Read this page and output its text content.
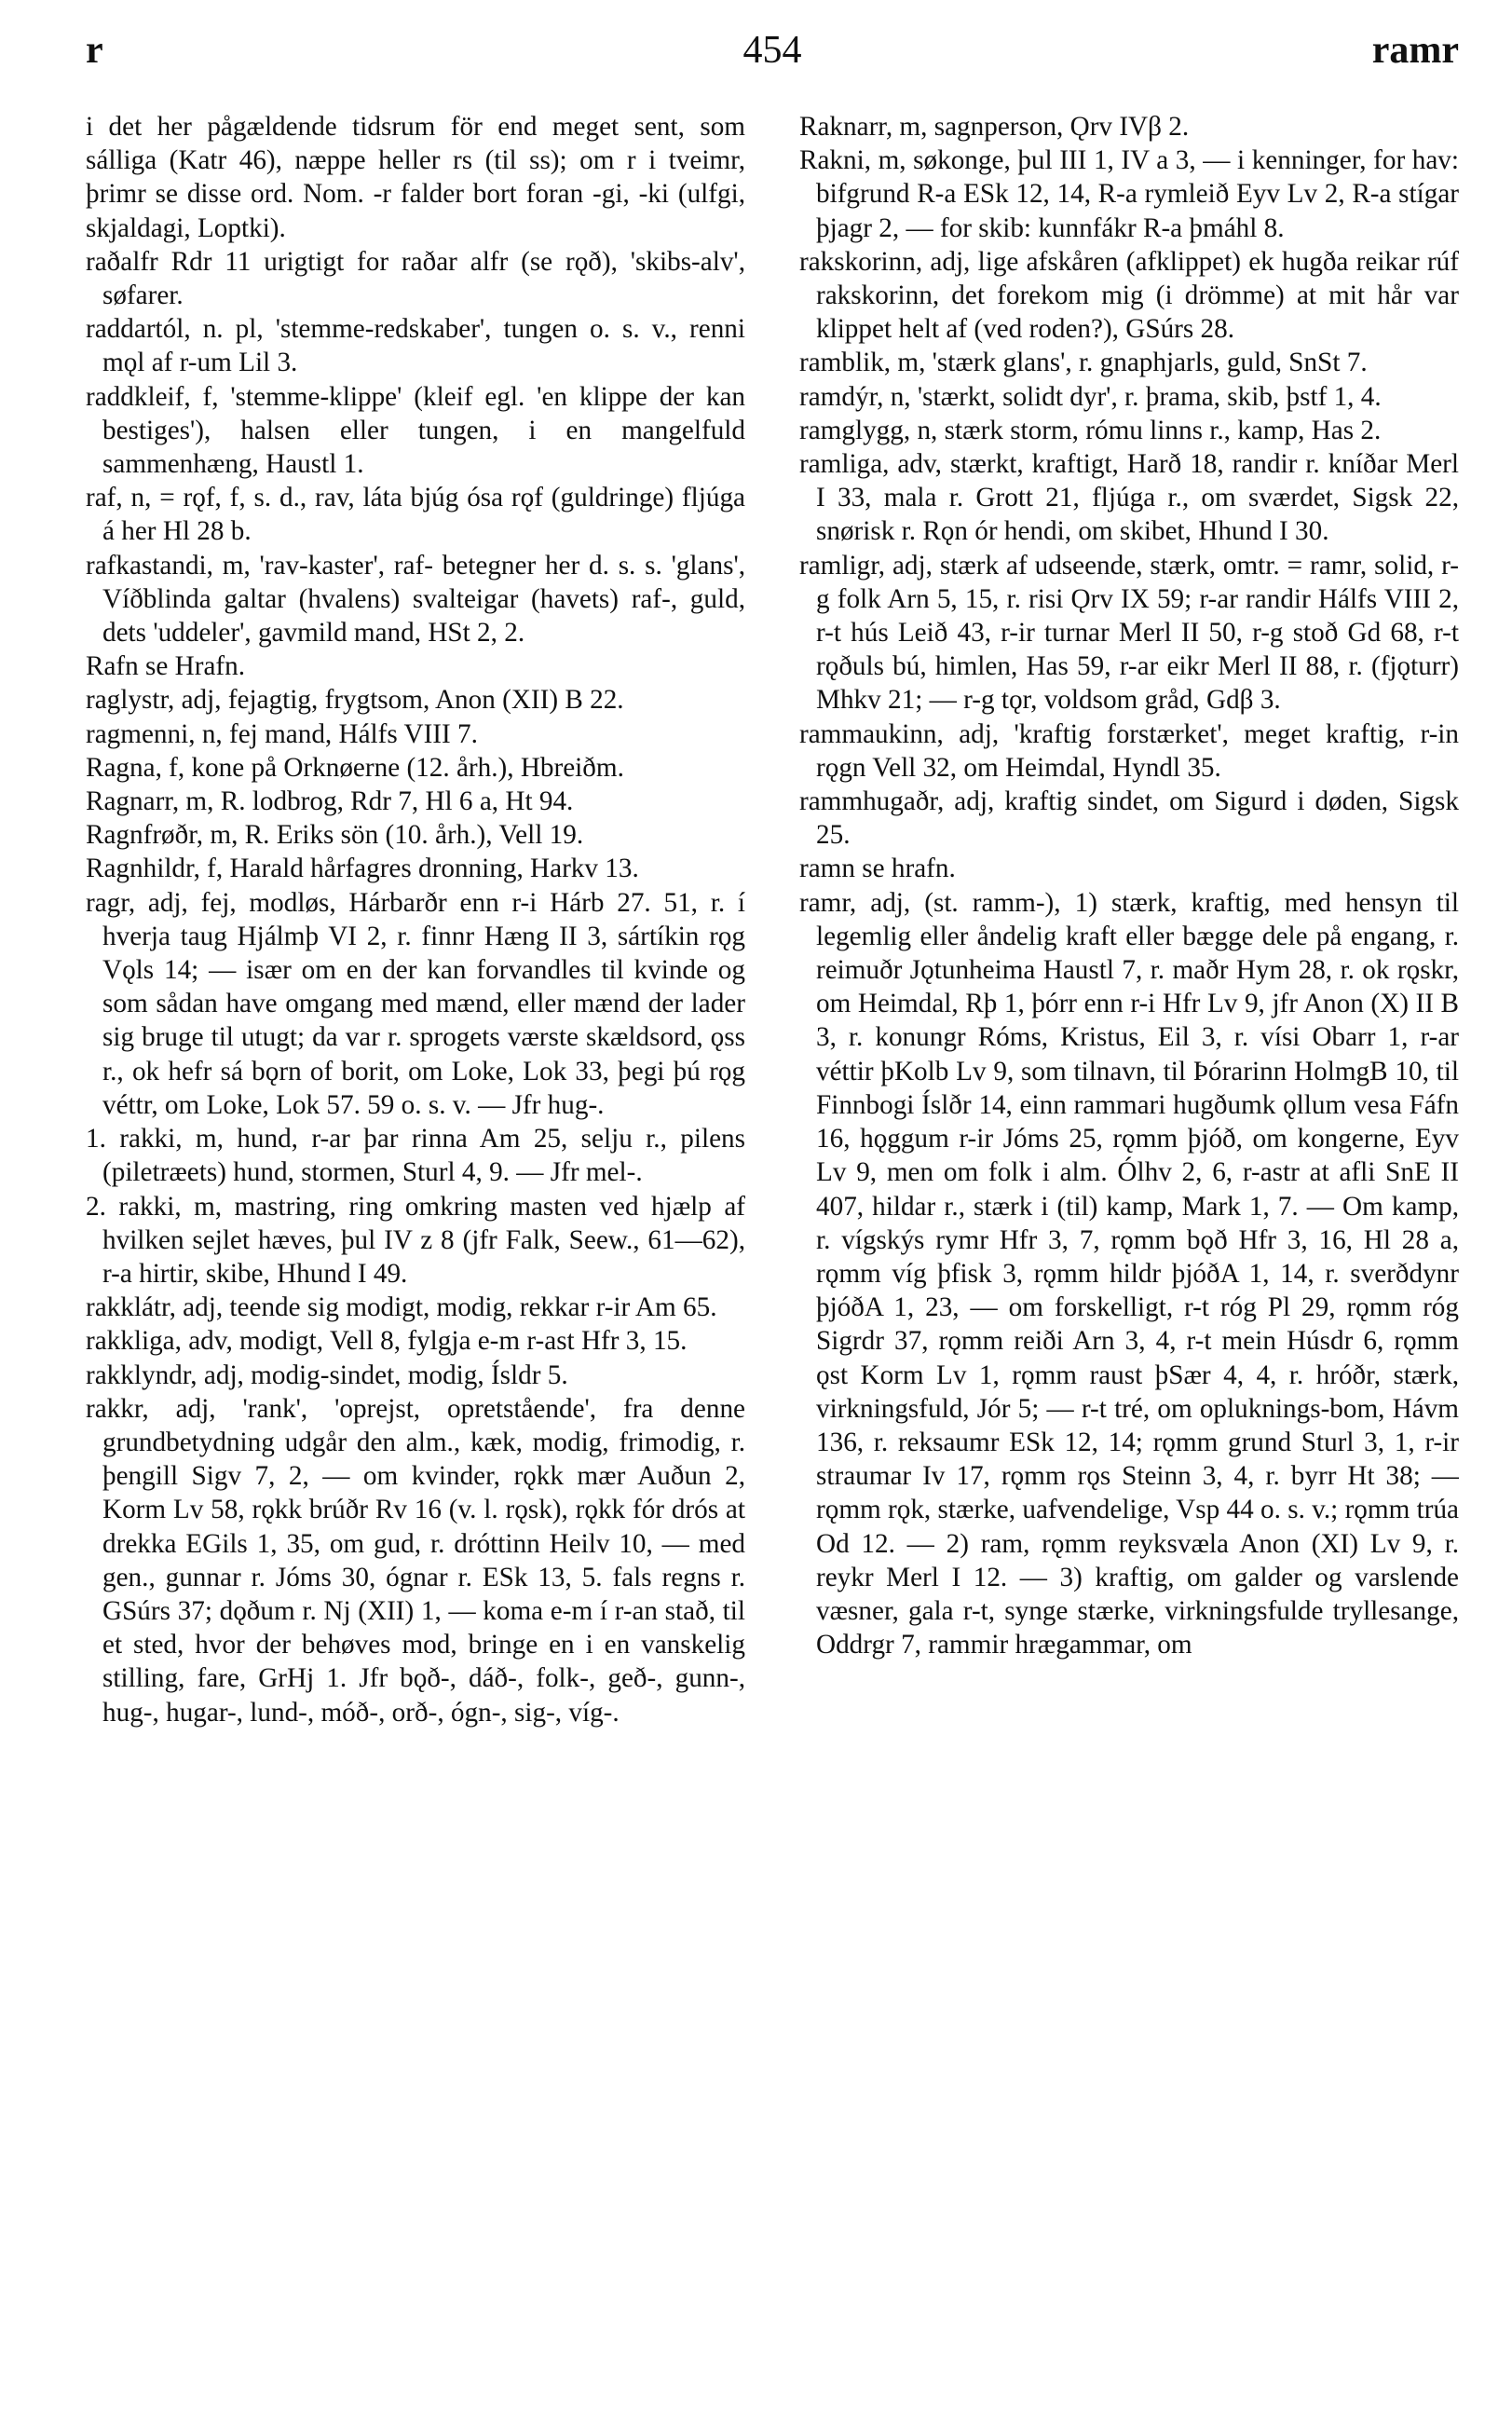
r	454	ramr

i det her pågældende tidsrum för end meget sent, som sálliga (Katr 46), næppe heller rs (til ss); om r i tveimr, þrimr se disse ord. Nom. -r falder bort foran -gi, -ki (ulfgi, skjaldagi, Loptki).

raðalfr Rdr 11 urigtigt for raðar alfr (se rǫð), 'skibs-alv', søfarer.

raddartól, n. pl, 'stemme-redskaber', tungen o. s. v., renni mǫl af r-um Lil 3.

raddkleif, f, 'stemme-klippe' (kleif egl. 'en klippe der kan bestiges'), halsen eller tungen, i en mangelfuld sammenhæng, Haustl 1.

raf, n, = rǫf, f, s. d., rav, láta bjúg ósa rǫf (guldringe) fljúga á her Hl 28 b.

rafkastandi, m, 'rav-kaster', raf- betegner her d. s. s. 'glans', Víðblinda galtar (hvalens) svalteigar (havets) raf-, guld, dets 'uddeler', gavmild mand, HSt 2, 2.

Rafn se Hrafn.

raglystr, adj, fejagtig, frygtsom, Anon (XII) B 22.

ragmenni, n, fej mand, Hálfs VIII 7.

Ragna, f, kone på Orknøerne (12. årh.), Hbreiðm.

Ragnarr, m, R. lodbrog, Rdr 7, Hl 6 a, Ht 94.

Ragnfrøðr, m, R. Eriks sön (10. årh.), Vell 19.

Ragnhildr, f, Harald hårfagres dronning, Harkv 13.

ragr, adj, fej, modløs, Hárbarðr enn r-i Hárb 27. 51, r. í hverja taug Hjálmþ VI 2, r. finnr Hæng II 3, sártíkin rǫg Vǫls 14; — især om en der kan forvandles til kvinde og som sådan have omgang med mænd, eller mænd der lader sig bruge til utugt; da var r. sprogets værste skældsord, ǫss r., ok hefr sá bǫrn of borit, om Loke, Lok 33, þegi þú rǫg véttr, om Loke, Lok 57. 59 o. s. v. — Jfr hug-.

1. rakki, m, hund, r-ar þar rinna Am 25, selju r., pilens (piletræets) hund, stormen, Sturl 4, 9. — Jfr mel-.

2. rakki, m, mastring, ring omkring masten ved hjælp af hvilken sejlet hæves, þul IV z 8 (jfr Falk, Seew., 61—62), r-a hirtir, skibe, Hhund I 49.

rakklátr, adj, teende sig modigt, modig, rekkar r-ir Am 65.

rakkliga, adv, modigt, Vell 8, fylgja e-m r-ast Hfr 3, 15.

rakklyndr, adj, modig-sindet, modig, Ísldr 5.

rakkr, adj, 'rank', 'oprejst, opretstående', fra denne grundbetydning udgår den alm., kæk, modig, frimodig, r. þengill Sigv 7, 2, — om kvinder, rǫkk mær Auðun 2, Korm Lv 58, rǫkk brúðr Rv 16 (v. l. rǫsk), rǫkk fór drós at drekka EGils 1, 35, om gud, r. dróttinn Heilv 10, — med gen., gunnar r. Jóms 30, ógnar r. ESk 13, 5. fals regns r. GSúrs 37; dǫðum r. Nj (XII) 1, — koma e-m í r-an stað, til et sted, hvor der behøves mod, bringe en i en vanskelig stilling, fare, GrHj 1. Jfr bǫð-, dáð-, folk-, geð-, gunn-, hug-, hugar-, lund-, móð-, orð-, ógn-, sig-, víg-.

Raknarr, m, sagnperson, Ǫrv IVβ 2.

Rakni, m, søkonge, þul III 1, IV a 3, — i kenninger, for hav: bifgrund R-a ESk 12, 14, R-a rymleið Eyv Lv 2, R-a stígar þjagr 2, — for skib: kunnfákr R-a þmáhl 8.

rakskorinn, adj, lige afskåren (afklippet) ek hugða reikar rúf rakskorinn, det forekom mig (i drömme) at mit hår var klippet helt af (ved roden?), GSúrs 28.

ramblik, m, 'stærk glans', r. gnaphjarls, guld, SnSt 7.

ramdýr, n, 'stærkt, solidt dyr', r. þrama, skib, þstf 1, 4.

ramglygg, n, stærk storm, rómu linns r., kamp, Has 2.

ramliga, adv, stærkt, kraftigt, Harð 18, randir r. kníðar Merl I 33, mala r. Grott 21, fljúga r., om sværdet, Sigsk 22, snørisk r. Rǫn ór hendi, om skibet, Hhund I 30.

ramligr, adj, stærk af udseende, stærk, omtr. = ramr, solid, r-g folk Arn 5, 15, r. risi Ǫrv IX 59; r-ar randir Hálfs VIII 2, r-t hús Leið 43, r-ir turnar Merl II 50, r-g stoð Gd 68, r-t rǫðuls bú, himlen, Has 59, r-ar eikr Merl II 88, r. (fjǫturr) Mhkv 21; — r-g tǫr, voldsom gråd, Gdβ 3.

rammaukinn, adj, 'kraftig forstærket', meget kraftig, r-in rǫgn Vell 32, om Heimdal, Hyndl 35.

rammhugaðr, adj, kraftig sindet, om Sigurd i døden, Sigsk 25.

ramn se hrafn.

ramr, adj, (st. ramm-), 1) stærk, kraftig, med hensyn til legemlig eller åndelig kraft eller bægge dele på engang, r. reimuðr Jǫtunheima Haustl 7, r. maðr Hym 28, r. ok rǫskr, om Heimdal, Rþ 1, þórr enn r-i Hfr Lv 9, jfr Anon (X) II B 3, r. konungr Róms, Kristus, Eil 3, r. vísi Obarr 1, r-ar véttir þKolb Lv 9, som tilnavn, til Þórarinn HolmgB 10, til Finnbogi Íslðr 14, einn rammari hugðumk ǫllum vesa Fáfn 16, hǫggum r-ir Jóms 25, rǫmm þjóð, om kongerne, Eyv Lv 9, men om folk i alm. Ólhv 2, 6, r-astr at afli SnE II 407, hildar r., stærk i (til) kamp, Mark 1, 7. — Om kamp, r. vígskýs rymr Hfr 3, 7, rǫmm bǫð Hfr 3, 16, Hl 28 a, rǫmm víg þfisk 3, rǫmm hildr þjóðA 1, 14, r. sverðdynr þjóðA 1, 23, — om forskelligt, r-t róg Pl 29, rǫmm róg Sigrdr 37, rǫmm reiði Arn 3, 4, r-t mein Húsdr 6, rǫmm ǫst Korm Lv 1, rǫmm raust þSær 4, 4, r. hróðr, stærk, virkningsfuld, Jór 5; — r-t tré, om opluknings-bom, Hávm 136, r. reksaumr ESk 12, 14; rǫmm grund Sturl 3, 1, r-ir straumar Iv 17, rǫmm rǫs Steinn 3, 4, r. byrr Ht 38; — rǫmm rǫk, stærke, uafvendelige, Vsp 44 o. s. v.; rǫmm trúa Od 12. — 2) ram, rǫmm reyksvæla Anon (XI) Lv 9, r. reykr Merl I 12. — 3) kraftig, om galder og varslende væsner, gala r-t, synge stærke, virkningsfulde tryllesange, Oddrgr 7, rammir hrægammar, om
